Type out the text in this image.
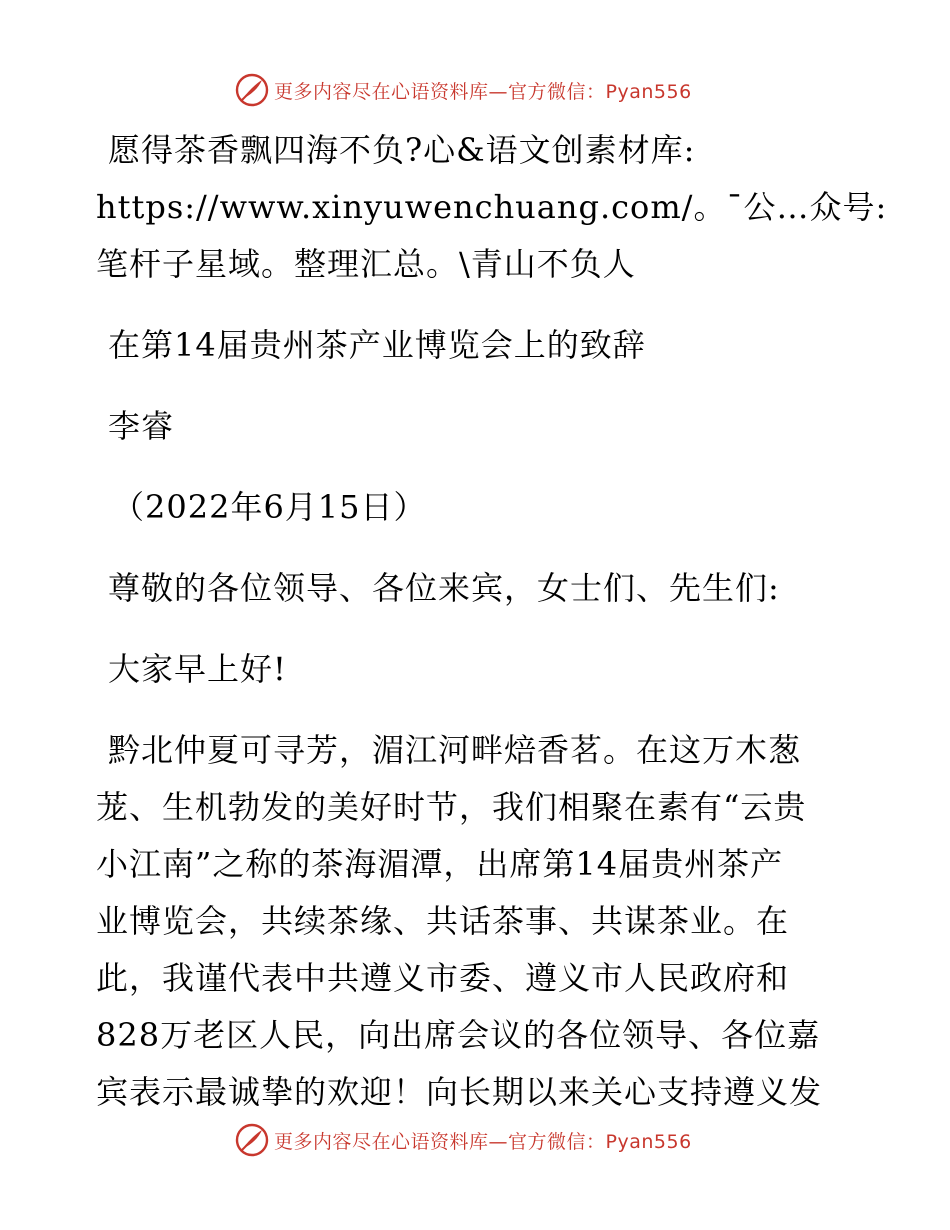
更多内容尽在心语资料库—官方微信：Pyan556
愿得茶香飘四海不负?心&语文创素材库:
https://www.xinyuwenchuang.com/。¯公…众号:
笔杆子星域。整理汇总。\青山不负人
在第14届贵州茶产业博览会上的致辞
李睿
（2022年6月15日）
尊敬的各位领导、各位来宾，女士们、先生们:
大家早上好!
黔北仲夏可寻芳，湄江河畔焙香茗。在这万木葱
茏、生机勃发的美好时节，我们相聚在素有“云贵
小江南”之称的茶海湄潭，出席第14届贵州茶产
业博览会，共续茶缘、共话茶事、共谋茶业。在
此，我谨代表中共遵义市委、遵义市人民政府和
828万老区人民，向出席会议的各位领导、各位嘉
宾表示最诚挚的欢迎！向长期以来关心支持遵义发
更多内容尽在心语资料库—官方微信：Pyan556
